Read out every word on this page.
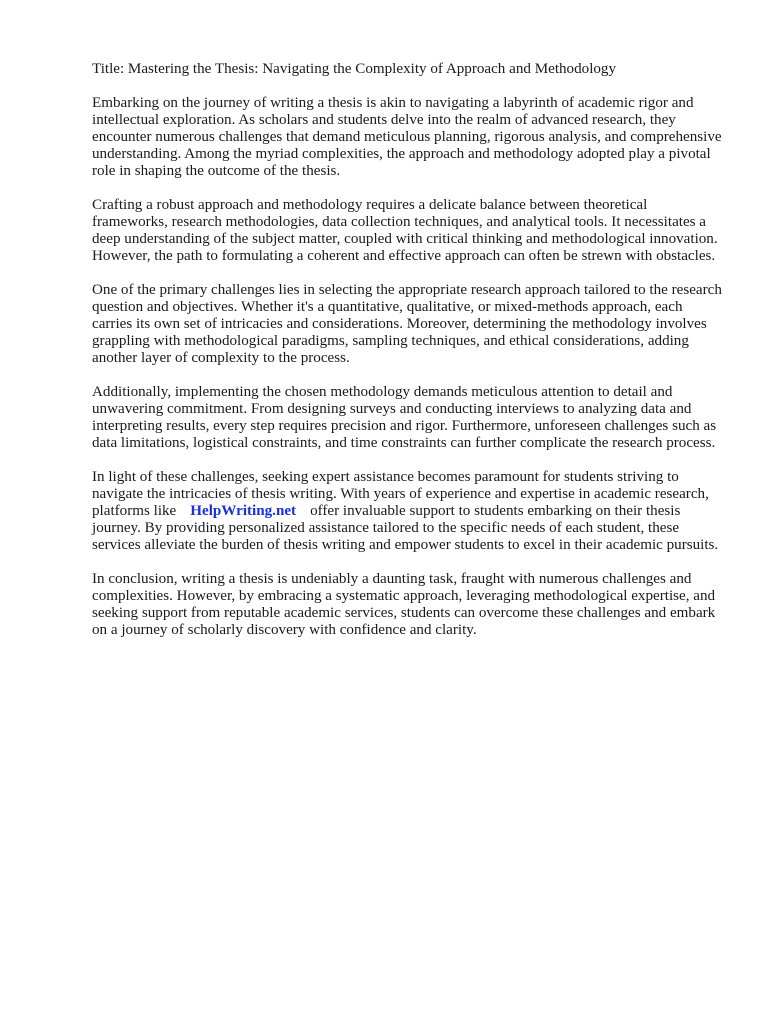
Title: Mastering the Thesis: Navigating the Complexity of Approach and Methodology

Embarking on the journey of writing a thesis is akin to navigating a labyrinth of academic rigor and intellectual exploration. As scholars and students delve into the realm of advanced research, they encounter numerous challenges that demand meticulous planning, rigorous analysis, and comprehensive understanding. Among the myriad complexities, the approach and methodology adopted play a pivotal role in shaping the outcome of the thesis.

Crafting a robust approach and methodology requires a delicate balance between theoretical frameworks, research methodologies, data collection techniques, and analytical tools. It necessitates a deep understanding of the subject matter, coupled with critical thinking and methodological innovation. However, the path to formulating a coherent and effective approach can often be strewn with obstacles.

One of the primary challenges lies in selecting the appropriate research approach tailored to the research question and objectives. Whether it's a quantitative, qualitative, or mixed-methods approach, each carries its own set of intricacies and considerations. Moreover, determining the methodology involves grappling with methodological paradigms, sampling techniques, and ethical considerations, adding another layer of complexity to the process.

Additionally, implementing the chosen methodology demands meticulous attention to detail and unwavering commitment. From designing surveys and conducting interviews to analyzing data and interpreting results, every step requires precision and rigor. Furthermore, unforeseen challenges such as data limitations, logistical constraints, and time constraints can further complicate the research process.

In light of these challenges, seeking expert assistance becomes paramount for students striving to navigate the intricacies of thesis writing. With years of experience and expertise in academic research, platforms like HelpWriting.net offer invaluable support to students embarking on their thesis journey. By providing personalized assistance tailored to the specific needs of each student, these services alleviate the burden of thesis writing and empower students to excel in their academic pursuits.

In conclusion, writing a thesis is undeniably a daunting task, fraught with numerous challenges and complexities. However, by embracing a systematic approach, leveraging methodological expertise, and seeking support from reputable academic services, students can overcome these challenges and embark on a journey of scholarly discovery with confidence and clarity.
